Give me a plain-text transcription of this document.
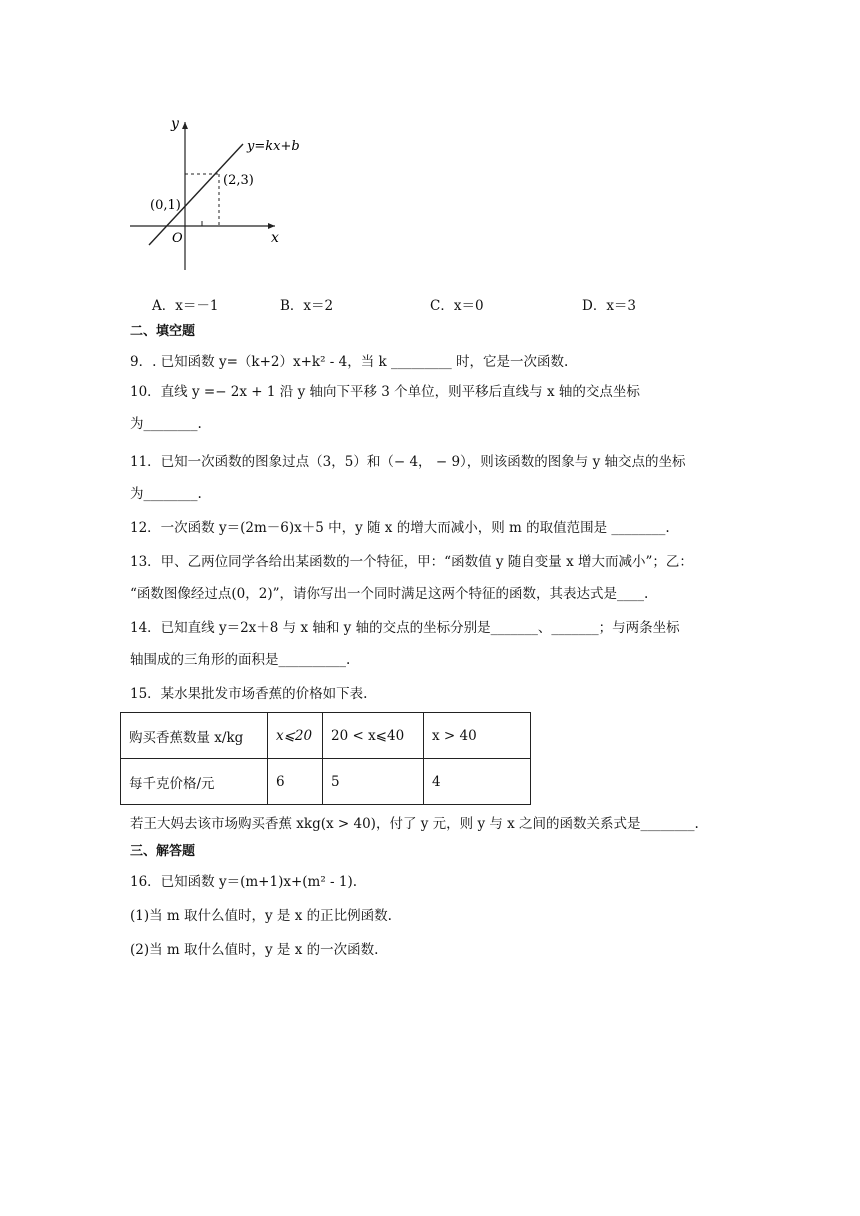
y
x
O
y=kx+b
(0,1)
(2,3)
A．x＝－1	B．x＝2	C．x＝0	D．x＝3
二、填空题
9．. 已知函数 y=（k+2）x+k² ‑ 4，当 k _________ 时，它是一次函数.
10．直线 y =− 2x + 1 沿 y 轴向下平移 3 个单位，则平移后直线与 x 轴的交点坐标
为________.
11．已知一次函数的图象过点（3，5）和（− 4， − 9），则该函数的图象与 y 轴交点的坐标
为________.
12．一次函数 y＝(2m－6)x＋5 中，y 随 x 的增大而减小，则 m 的取值范围是 ________.
13．甲、乙两位同学各给出某函数的一个特征，甲：“函数值 y 随自变量 x 增大而减小”；乙：
“函数图像经过点(0，2)”，请你写出一个同时满足这两个特征的函数，其表达式是____.
14．已知直线 y＝2x＋8 与 x 轴和 y 轴的交点的坐标分别是_______、_______；与两条坐标
轴围成的三角形的面积是__________.
15．某水果批发市场香蕉的价格如下表.
购买香蕉数量 x/kg	x⩽20	20 < x⩽40	x > 40
每千克价格/元	6	5	4
若王大妈去该市场购买香蕉 xkg(x > 40)，付了 y 元，则 y 与 x 之间的函数关系式是________.
三、解答题
16．已知函数 y＝(m+1)x+(m² ‑ 1).
(1)当 m 取什么值时，y 是 x 的正比例函数.
(2)当 m 取什么值时，y 是 x 的一次函数.
